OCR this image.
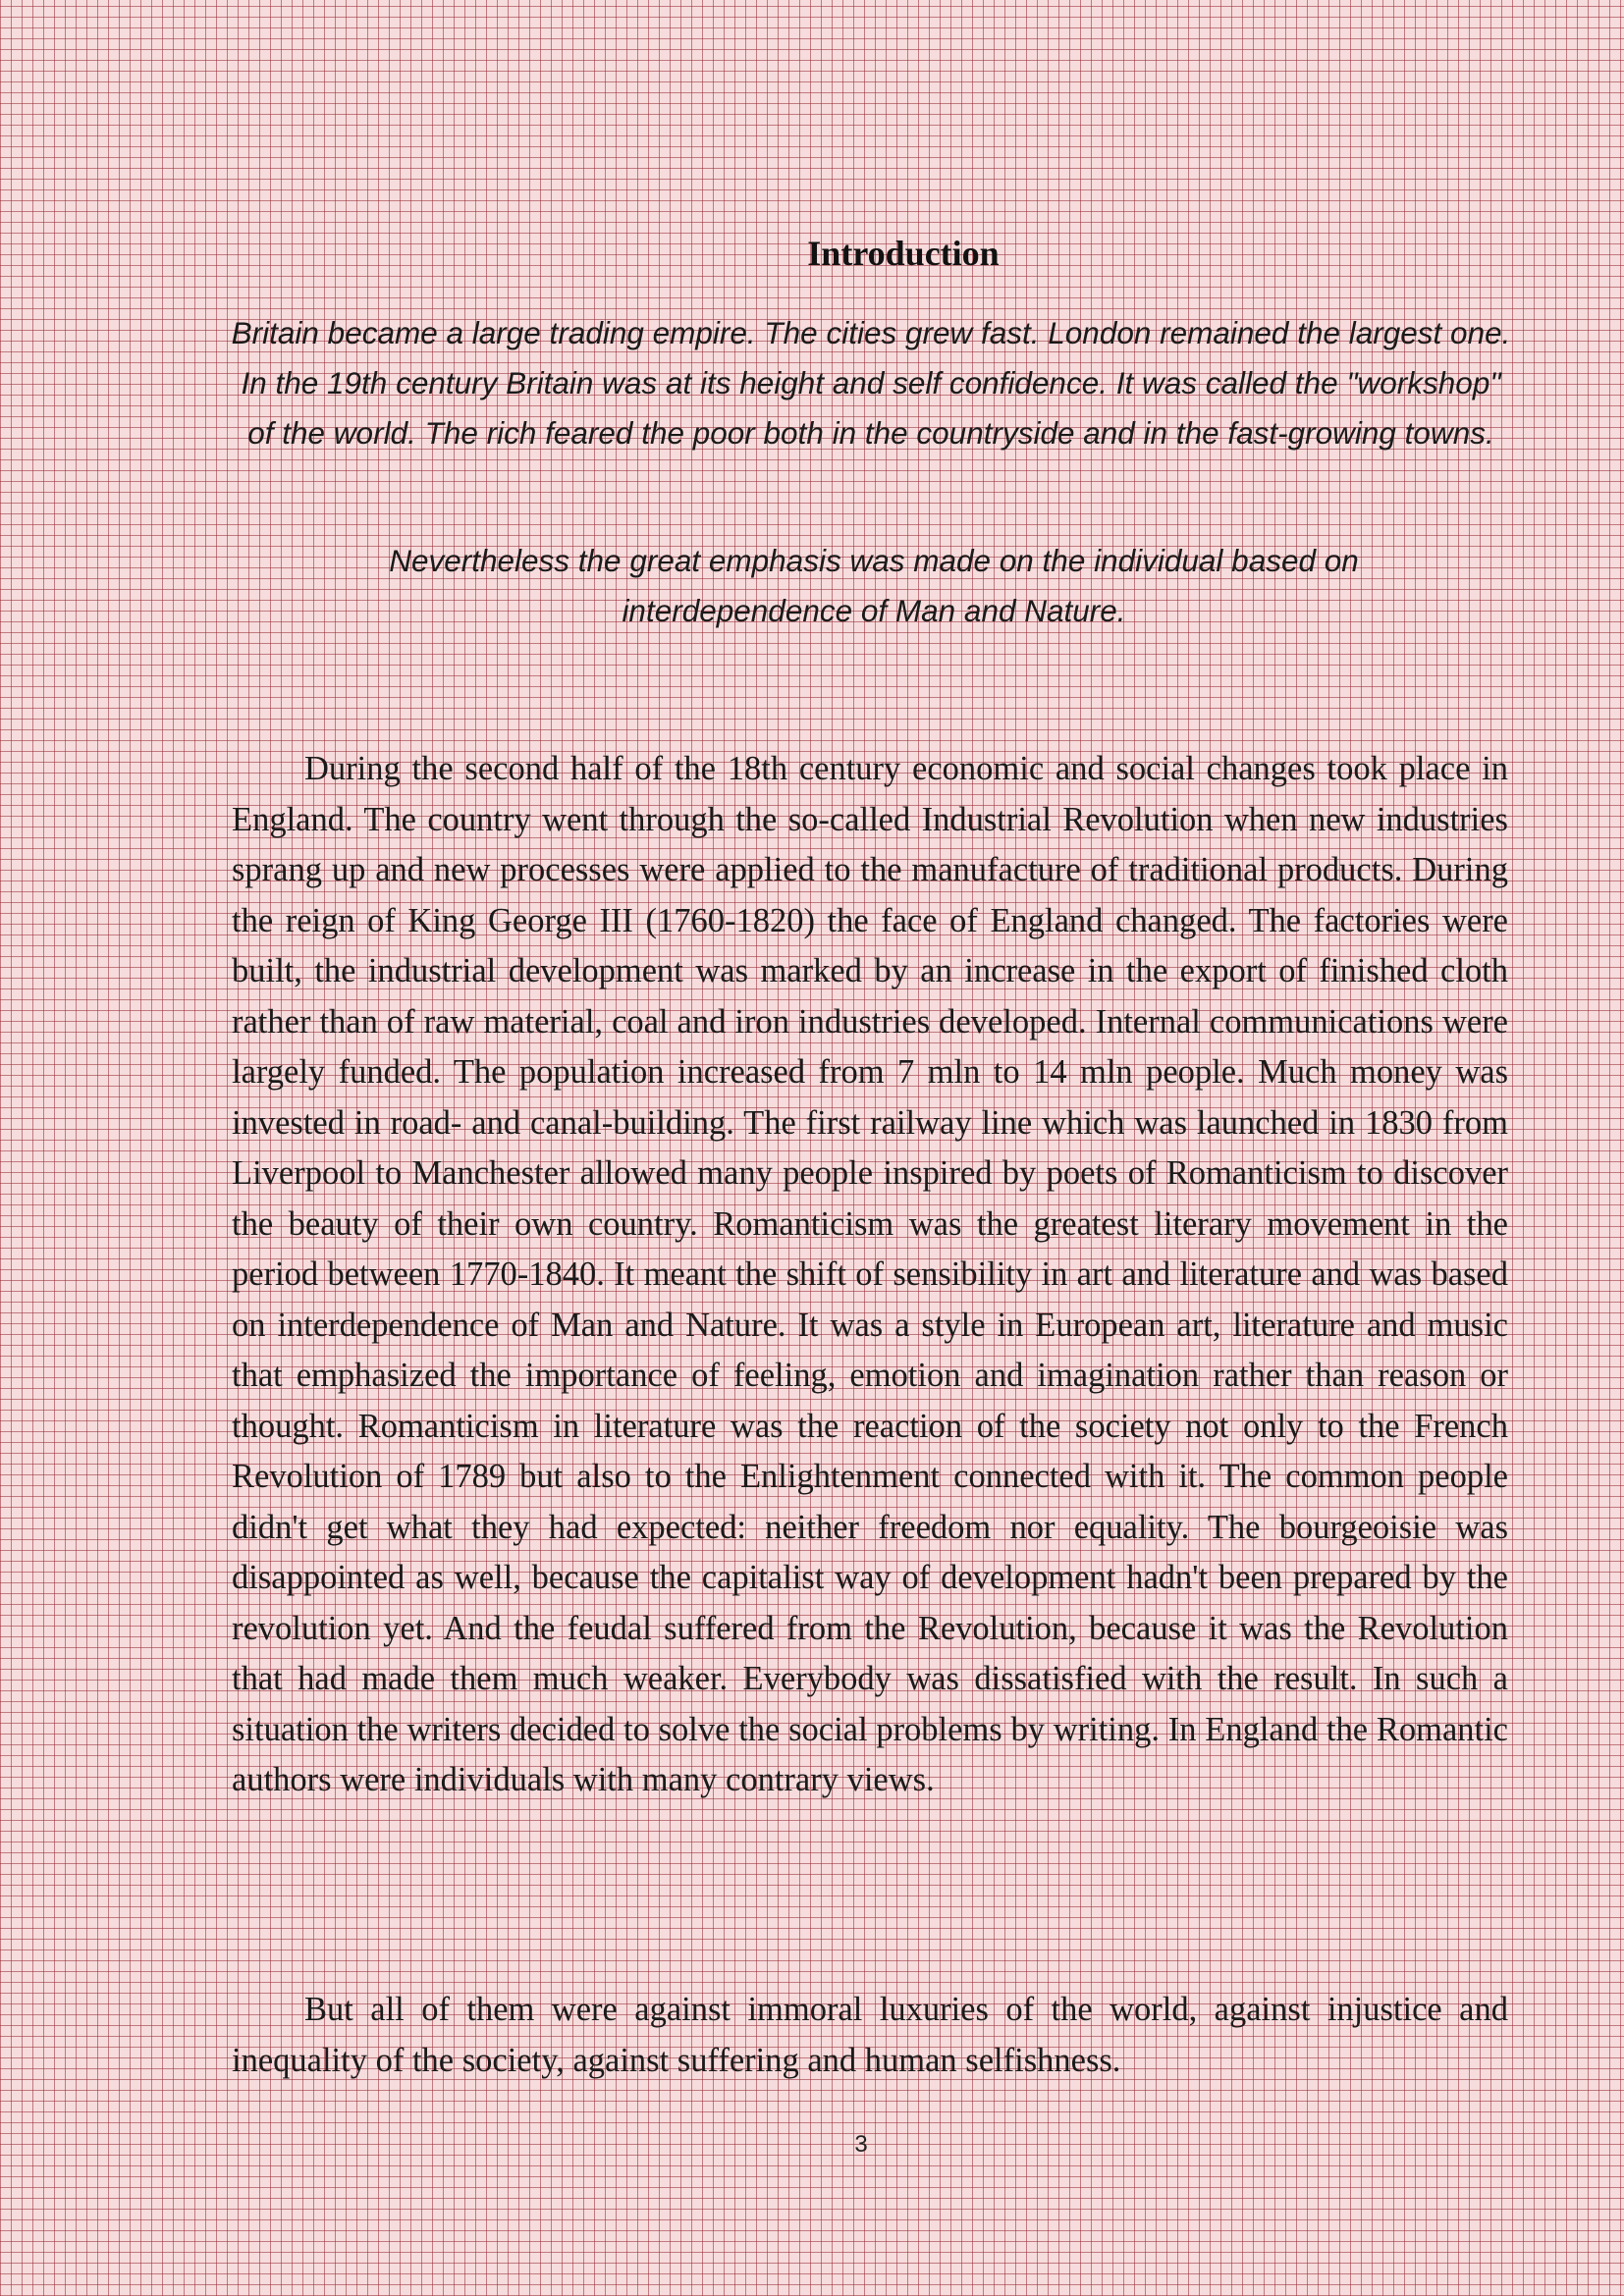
Introduction

Britain became a large trading empire. The cities grew fast. London remained the largest one. In the 19th century Britain was at its height and self confidence. It was called the "workshop" of the world. The rich feared the poor both in the countryside and in the fast-growing towns.

Nevertheless the great emphasis was made on the individual based on interdependence of Man and Nature.

During the second half of the 18th century economic and social changes took place in England. The country went through the so-called Industrial Revolution when new industries sprang up and new processes were applied to the manufacture of traditional products. During the reign of King George III (1760-1820) the face of England changed. The factories were built, the industrial development was marked by an increase in the export of finished cloth rather than of raw material, coal and iron industries developed. Internal communications were largely funded. The population increased from 7 mln to 14 mln people. Much money was invested in road- and canal-building. The first railway line which was launched in 1830 from Liverpool to Manchester allowed many people inspired by poets of Romanticism to discover the beauty of their own country. Romanticism was the greatest literary movement in the period between 1770-1840. It meant the shift of sensibility in art and literature and was based on interdependence of Man and Nature. It was a style in European art, literature and music that emphasized the importance of feeling, emotion and imagination rather than reason or thought. Romanticism in literature was the reaction of the society not only to the French Revolution of 1789 but also to the Enlightenment connected with it. The common people didn't get what they had expected: neither freedom nor equality. The bourgeoisie was disappointed as well, because the capitalist way of development hadn't been prepared by the revolution yet. And the feudal suffered from the Revolution, because it was the Revolution that had made them much weaker. Everybody was dissatisfied with the result. In such a situation the writers decided to solve the social problems by writing. In England the Romantic authors were individuals with many contrary views.

But all of them were against immoral luxuries of the world, against injustice and inequality of the society, against suffering and human selfishness.

3
